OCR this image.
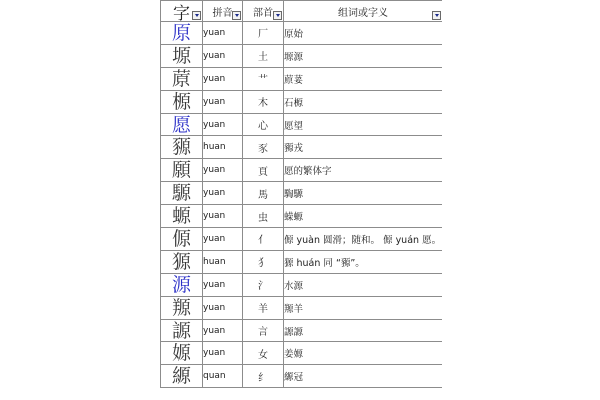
字	拼音	部首	组词或字义

原	yuan	厂	原始
塬	yuan	土	塬源
蒝	yuan	艹	蒝荽
榞	yuan	木	石榞
愿	yuan	心	愿望
豲	huan	豕	豲戎
願	yuan	頁	愿的繁体字
騵	yuan	馬	騊騵
螈	yuan	虫	蝾螈
傆	yuan	亻	傆 yuàn 圆滑；随和。 傆 yuán 愿。
獂	huan	犭	獂 huán 同 “豲”。
源	yuan	氵	水源
羱	yuan	羊	羱羊
謜	yuan	言	謜謜
嫄	yuan	女	姜嫄
縓	quan	纟	縓冠
